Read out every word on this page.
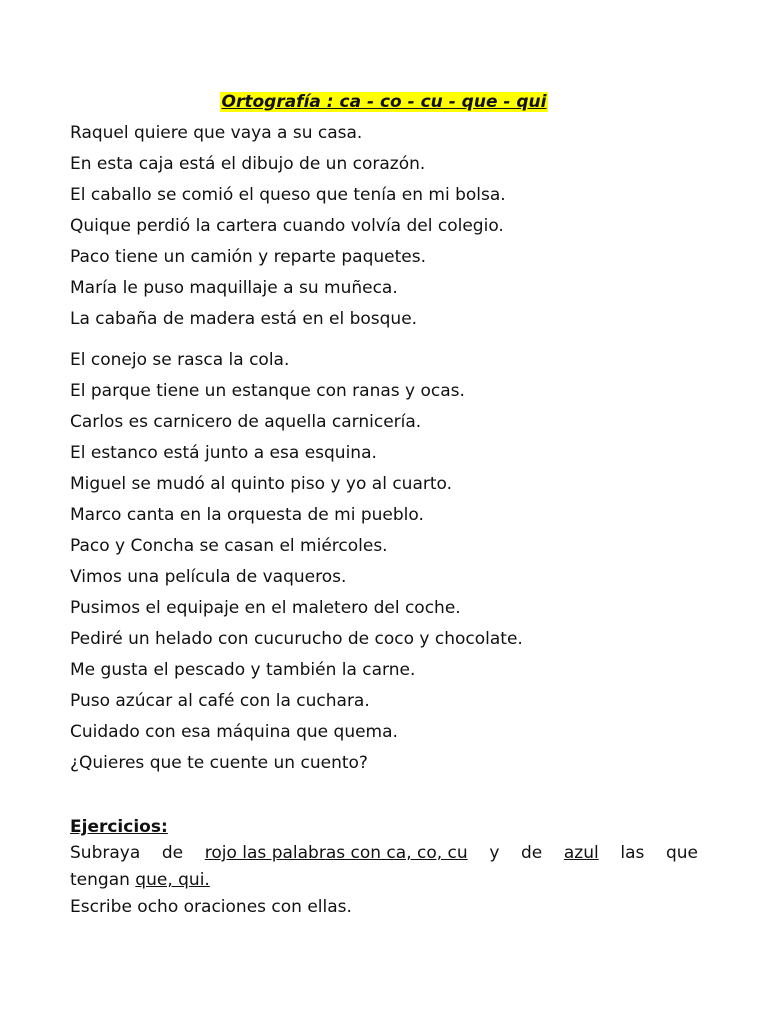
Ortografía : ca - co - cu - que - qui
Raquel quiere que vaya a su casa.
En esta caja está el dibujo de un corazón.
El caballo se comió el queso que tenía en mi bolsa.
Quique perdió la cartera cuando volvía del colegio.
Paco tiene un camión y reparte paquetes.
María le puso maquillaje a su muñeca.
La cabaña de madera está en el bosque.
El conejo se rasca la cola.
El parque tiene un estanque con ranas y ocas.
Carlos es carnicero de aquella carnicería.
El estanco está junto a esa esquina.
Miguel se mudó al quinto piso y yo al cuarto.
Marco canta en la orquesta de mi pueblo.
Paco y Concha se casan el miércoles.
Vimos una película de vaqueros.
Pusimos el equipaje en el maletero del coche.
Pediré un helado con cucurucho de coco y chocolate.
Me gusta el pescado y también la carne.
Puso azúcar al café con la cuchara.
Cuidado con esa máquina que quema.
¿Quieres que te cuente un cuento?
Ejercicios:
Subraya de rojo las palabras con ca, co, cu y de azul las que
tengan que, qui.
Escribe ocho oraciones con ellas.
